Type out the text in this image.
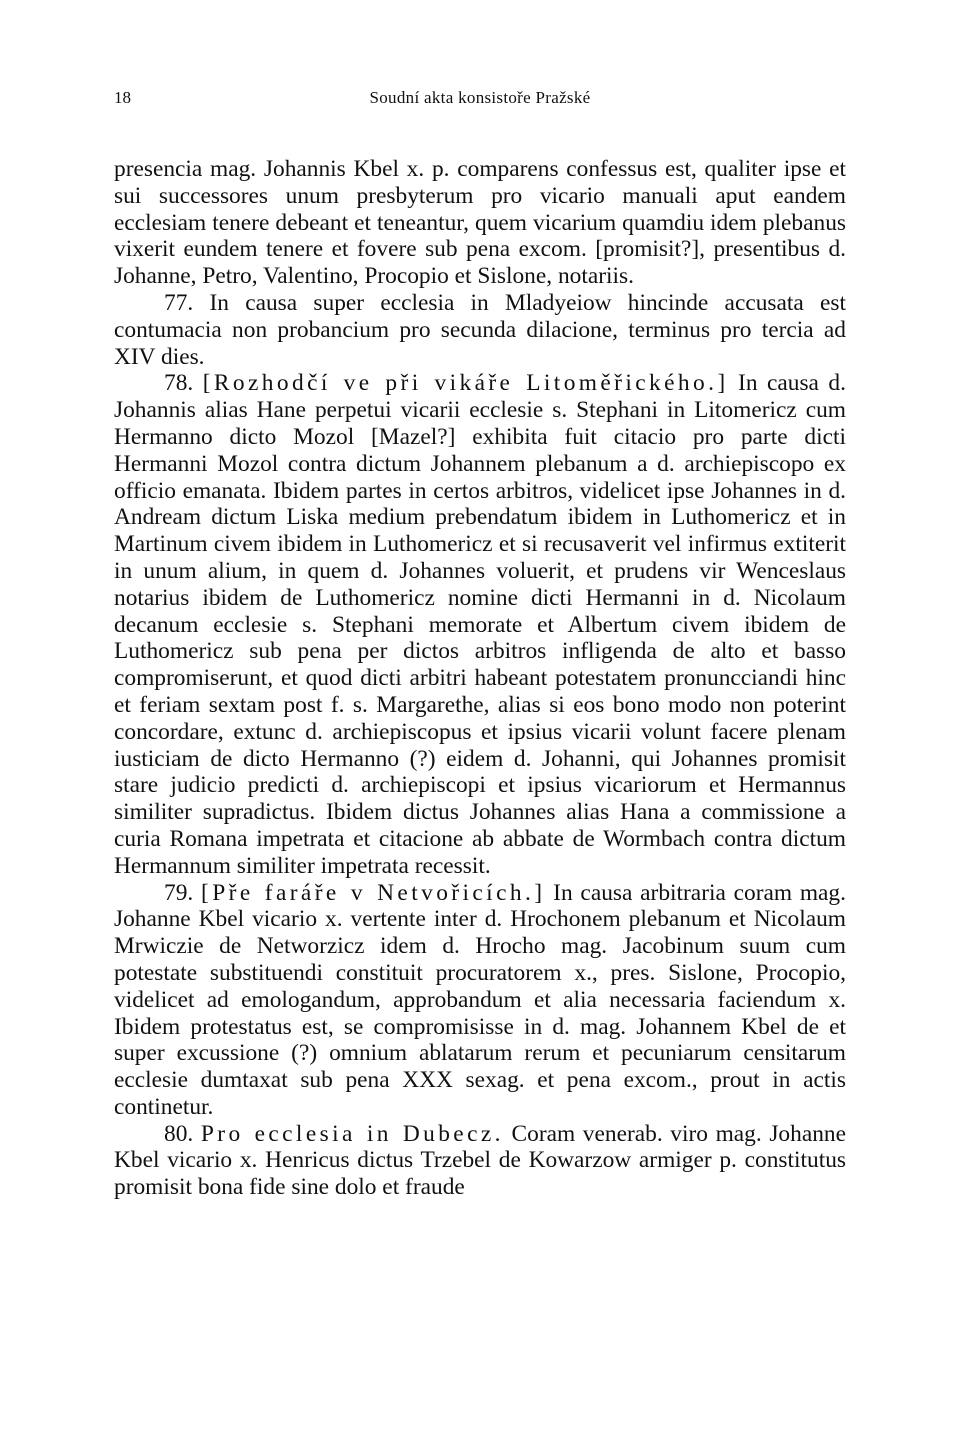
18	Soudní akta konsistoře Pražské

presencia mag. Johannis Kbel x. p. comparens confessus est, qualiter ipse et sui successores unum presbyterum pro vicario manuali aput eandem ecclesiam tenere debeant et teneantur, quem vicarium quamdiu idem plebanus vixerit eundem tenere et fovere sub pena excom. [promisit?], presentibus d. Johanne, Petro, Valentino, Procopio et Sislone, notariis.

77. In causa super ecclesia in Mladyeiow hincinde accusata est contumacia non probancium pro secunda dilacione, terminus pro tercia ad XIV dies.

78. [Rozhodčí ve při vikáře Litoměřického.] In causa d. Johannis alias Hane perpetui vicarii ecclesie s. Stephani in Litomericz cum Hermanno dicto Mozol [Mazel?] exhibita fuit citacio pro parte dicti Hermanni Mozol contra dictum Johannem plebanum a d. archiepiscopo ex officio emanata. Ibidem partes in certos arbitros, videlicet ipse Johannes in d. Andream dictum Liska medium prebendatum ibidem in Luthomericz et in Martinum civem ibidem in Luthomericz et si recusaverit vel infirmus extiterit in unum alium, in quem d. Johannes voluerit, et prudens vir Wenceslaus notarius ibidem de Luthomericz nomine dicti Hermanni in d. Nicolaum decanum ecclesie s. Stephani memorate et Albertum civem ibidem de Luthomericz sub pena per dictos arbitros infligenda de alto et basso compromiserunt, et quod dicti arbitri habeant potestatem pronuncciandi hinc et feriam sextam post f. s. Margarethe, alias si eos bono modo non poterint concordare, extunc d. archiepiscopus et ipsius vicarii volunt facere plenam iusticiam de dicto Hermanno (?) eidem d. Johanni, qui Johannes promisit stare judicio predicti d. archiepiscopi et ipsius vicariorum et Hermannus similiter supradictus. Ibidem dictus Johannes alias Hana a commissione a curia Romana impetrata et citacione ab abbate de Wormbach contra dictum Hermannum similiter impetrata recessit.

79. [Pře faráře v Netvořicích.] In causa arbitraria coram mag. Johanne Kbel vicario x. vertente inter d. Hrochonem plebanum et Nicolaum Mrwiczie de Networzicz idem d. Hrocho mag. Jacobinum suum cum potestate substituendi constituit procuratorem x., pres. Sislone, Procopio, videlicet ad emologandum, approbandum et alia necessaria faciendum x. Ibidem protestatus est, se compromisisse in d. mag. Johannem Kbel de et super excussione (?) omnium ablatarum rerum et pecuniarum censitarum ecclesie dumtaxat sub pena XXX sexag. et pena excom., prout in actis continetur.

80. Pro ecclesia in Dubecz. Coram venerab. viro mag. Johanne Kbel vicario x. Henricus dictus Trzebel de Kowarzow armiger p. constitutus promisit bona fide sine dolo et fraude
